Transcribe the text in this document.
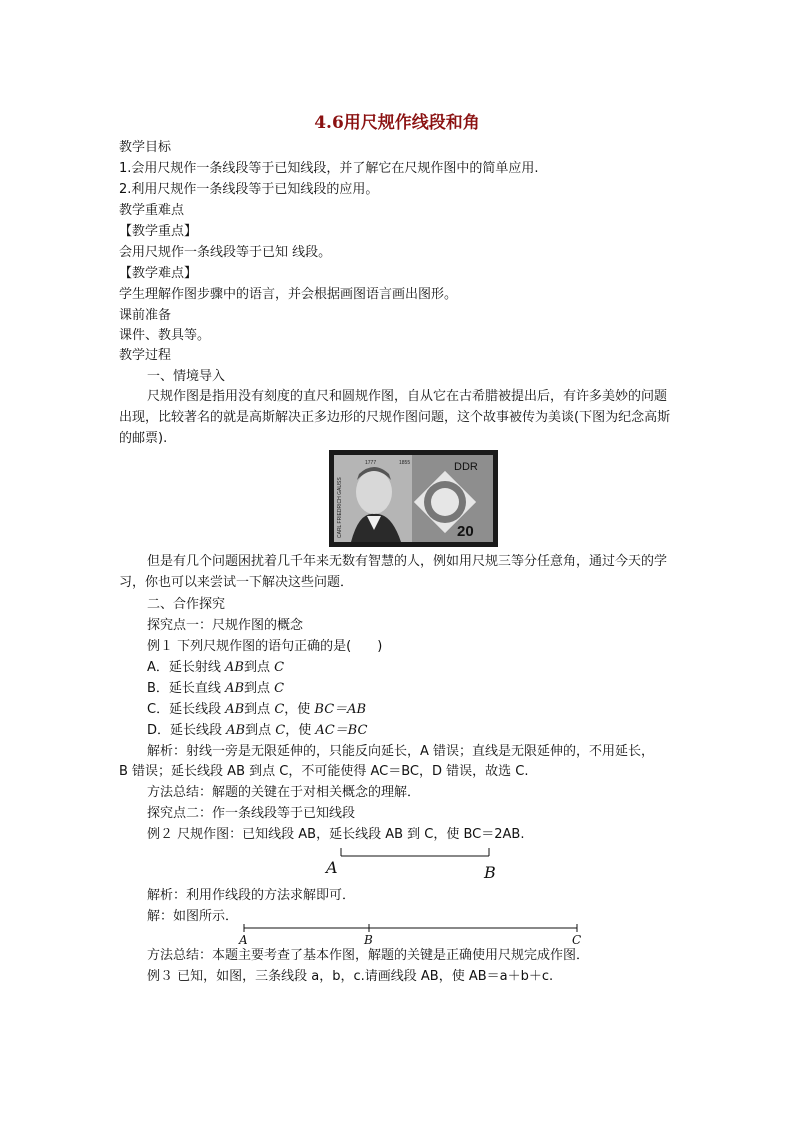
4.6用尺规作线段和角
教学目标
1.会用尺规作一条线段等于已知线段，并了解它在尺规作图中的简单应用.
2.利用尺规作一条线段等于已知线段的应用。
教学重难点
【教学重点】
会用尺规作一条线段等于已知 线段。
【教学难点】
学生理解作图步骤中的语言，并会根据画图语言画出图形。
课前准备
课件、教具等。
教学过程
一、情境导入
尺规作图是指用没有刻度的直尺和圆规作图，自从它在古希腊被提出后，有许多美妙的问题出现，比较著名的就是高斯解决正多边形的尺规作图问题，这个故事被传为美谈(下图为纪念高斯的邮票).
DDR
20
1777	1855
CARL FRIEDRICH GAUSS
但是有几个问题困扰着几千年来无数有智慧的人，例如用尺规三等分任意角，通过今天的学习，你也可以来尝试一下解决这些问题．
二、合作探究
探究点一：尺规作图的概念
例１ 下列尺规作图的语句正确的是(　　)
A．延长射线 AB到点 C
B．延长直线 AB到点 C
C．延长线段 AB到点 C，使 BC＝AB
D．延长线段 AB到点 C，使 AC＝BC
解析：射线一旁是无限延伸的，只能反向延长，A 错误；直线是无限延伸的，不用延长，
B 错误；延长线段 AB 到点 C，不可能使得 AC＝BC，D 错误，故选 C.
方法总结：解题的关键在于对相关概念的理解．
探究点二：作一条线段等于已知线段
例２ 尺规作图：已知线段 AB，延长线段 AB 到 C，使 BC＝2AB.
A	B
解析：利用作线段的方法求解即可．
解：如图所示．
A	B	C
方法总结：本题主要考查了基本作图，解题的关键是正确使用尺规完成作图．
例３ 已知，如图，三条线段 a，b，c.请画线段 AB，使 AB＝a＋b＋c.
